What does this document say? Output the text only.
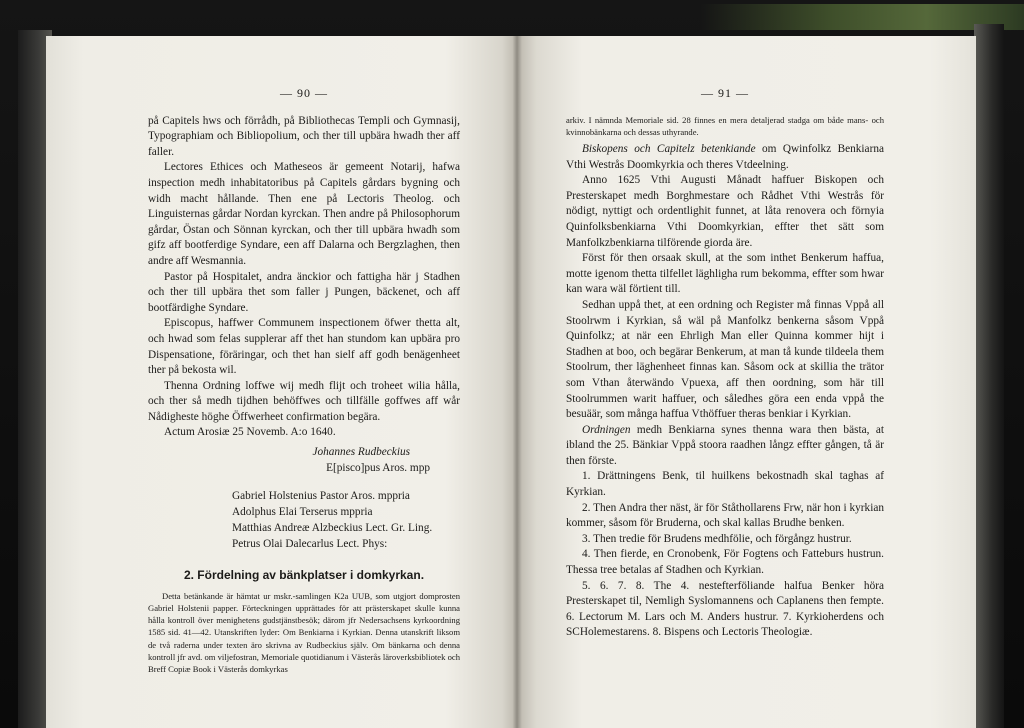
— 90 —

på Capitels hws och förrådh, på Bibliothecas Templi och Gymnasij, Typographiam och Bibliopolium, och ther till upbära hwadh ther aff faller.

Lectores Ethices och Matheseos är gemeent Notarij, hafwa inspection medh inhabitatoribus på Capitels gårdars bygning och widh macht hållande. Then ene på Lectoris Theolog. och Linguisternas gårdar Nordan kyrckan. Then andre på Philosophorum gårdar, Östan och Sönnan kyrckan, och ther till upbära hwadh som gifz aff bootferdige Syndare, een aff Dalarna och Bergzlaghen, then andre aff Wesmannia.

Pastor på Hospitalet, andra änckior och fattigha här j Stadhen och ther till upbära thet som faller j Pungen, bäckenet, och aff bootfärdighe Syndare.

Episcopus, haffwer Communem inspectionem öfwer thetta alt, och hwad som felas supplerar aff thet han stundom kan upbära pro Dispensatione, föräringar, och thet han sielf aff godh benägenheet ther på bekosta wil.

Thenna Ordning loffwe wij medh flijt och troheet wilia hålla, och ther så medh tijdhen behöffwes och tillfälle goffwes aff wår Nådigheste höghe Öffwerheet confirmation begära.

Actum Arosiæ 25 Novemb. A:o 1640.

Johannes Rudbeckius
E[pisco]pus Aros. mpp
Gabriel Holstenius Pastor Aros. mppria
Adolphus Elai Terserus mppria
Matthias Andreæ Alzbeckius Lect. Gr. Ling.
Petrus Olai Dalecarlus Lect. Phys:
2. Fördelning av bänkplatser i domkyrkan.

Detta betänkande är hämtat ur mskr.-samlingen K2a UUB, som utgjort domprosten Gabriel Holstenii papper. Förteckningen upprättades för att prästerskapet skulle kunna hålla kontroll över menighetens gudstjänstbesök; därom jfr Nedersachsens kyrkoordning 1585 sid. 41—42. Utanskriften lyder: Om Benkiarna i Kyrkian. Denna utanskrift liksom de två raderna under texten äro skrivna av Rudbeckius själv. Om bänkarna och denna kontroll jfr avd. om viljefostran, Memoriale quotidianum i Västerås läroverksbibliotek och Breff Copiæ Book i Västerås domkyrkas

— 91 —

arkiv. I nämnda Memoriale sid. 28 finnes en mera detaljerad stadga om både mans- och kvinnobänkarna och dessas uthyrande.

Biskopens och Capitelz betenkiande om Qwinfolkz Benkiarna Vthi Westrås Doomkyrkia och theres Vtdeelning.

Anno 1625 Vthi Augusti Månadt haffuer Biskopen och Presterskapet medh Borghmestare och Rådhet Vthi Westrås för nödigt, nyttigt och ordentlighit funnet, at låta renovera och förnyia Quinfolksbenkiarna Vthi Doomkyrkian, effter thet sätt som Manfolkzbenkiarna tilförende giorda äre.

Först för then orsaak skull, at the som inthet Benkerum haffua, motte igenom thetta tilfellet läghligha rum bekomma, effter som hwar kan wara wäl förtient till.

Sedhan uppå thet, at een ordning och Register må finnas Vppå all Stoolrwm i Kyrkian, så wäl på Manfolkz benkerna såsom Vppå Quinfolkz; at när een Ehrligh Man eller Quinna kommer hijt i Stadhen at boo, och begärar Benkerum, at man tå kunde tildeela them Stoolrum, ther läghenheet finnas kan. Såsom ock at skillia the trätor som Vthan återwändo Vpuexa, aff then oordning, som här till Stoolrummen warit haffuer, och såledhes göra een enda vppå the besuäär, som många haffua Vthöffuer theras benkiar i Kyrkian.

Ordningen medh Benkiarna synes thenna wara then bästa, at ibland the 25. Bänkiar Vppå stoora raadhen långz effter gången, tå är then förste.

1. Drättningens Benk, til huilkens bekostnadh skal taghas af Kyrkian.

2. Then Andra ther näst, är för Ståthollarens Frw, när hon i kyrkian kommer, såsom för Bruderna, och skal kallas Brudhe benken.

3. Then tredie för Brudens medhfölie, och förgångz hustrur.

4. Then fierde, en Cronobenk, För Fogtens och Fatteburs hustrun. Thessa tree betalas af Stadhen och Kyrkian.

5. 6. 7. 8. The 4. nestefterföliande halfua Benker höra Presterskapet til, Nemligh Syslomannens och Caplanens then fempte. 6. Lectorum M. Lars och M. Anders hustrur. 7. Kyrkioherdens och SCHolemestarens. 8. Bispens och Lectoris Theologiæ.
